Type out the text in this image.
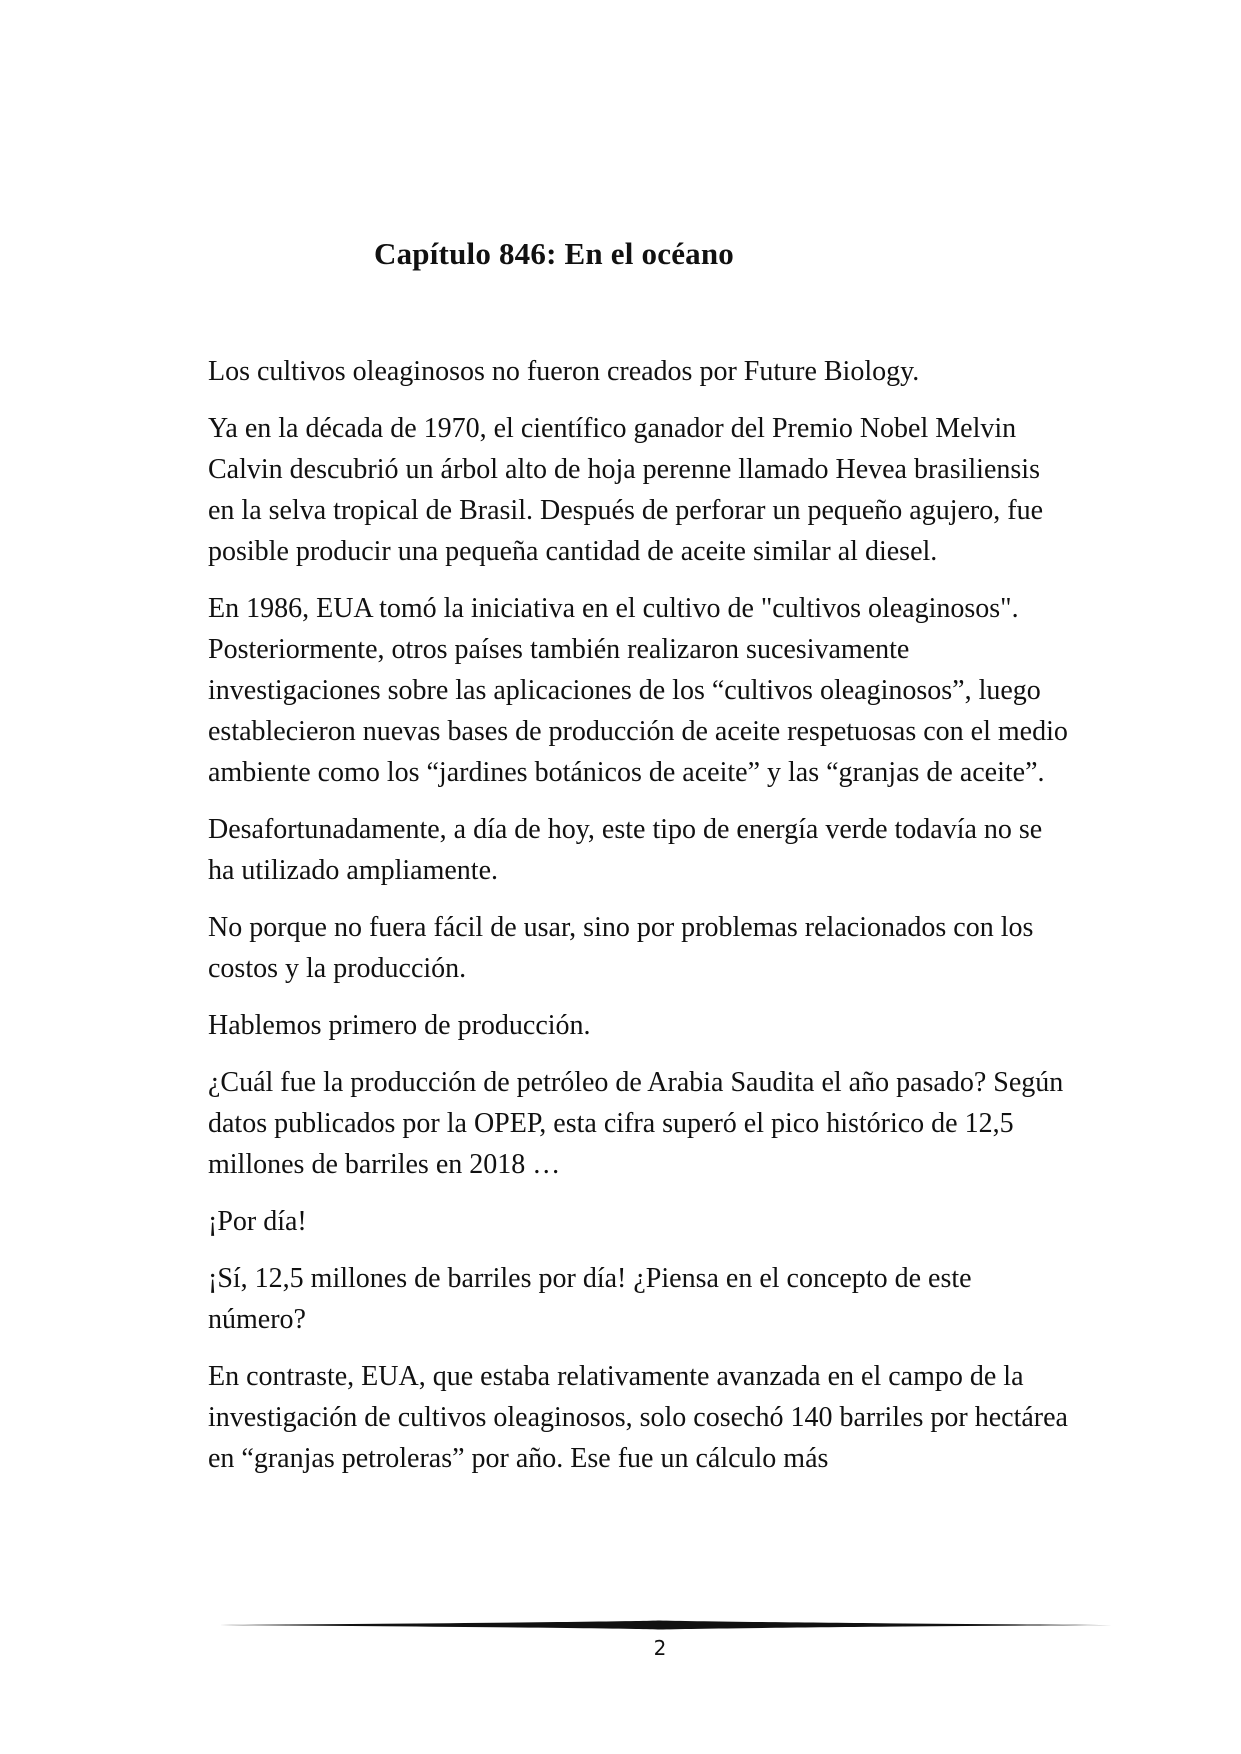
Capítulo 846: En el océano

Los cultivos oleaginosos no fueron creados por Future Biology.

Ya en la década de 1970, el científico ganador del Premio Nobel Melvin Calvin descubrió un árbol alto de hoja perenne llamado Hevea brasiliensis en la selva tropical de Brasil. Después de perforar un pequeño agujero, fue posible producir una pequeña cantidad de aceite similar al diesel.

En 1986, EUA tomó la iniciativa en el cultivo de "cultivos oleaginosos". Posteriormente, otros países también realizaron sucesivamente investigaciones sobre las aplicaciones de los “cultivos oleaginosos”, luego establecieron nuevas bases de producción de aceite respetuosas con el medio ambiente como los “jardines botánicos de aceite” y las “granjas de aceite”.

Desafortunadamente, a día de hoy, este tipo de energía verde todavía no se ha utilizado ampliamente.

No porque no fuera fácil de usar, sino por problemas relacionados con los costos y la producción.

Hablemos primero de producción.

¿Cuál fue la producción de petróleo de Arabia Saudita el año pasado? Según datos publicados por la OPEP, esta cifra superó el pico histórico de 12,5 millones de barriles en 2018 …

¡Por día!

¡Sí, 12,5 millones de barriles por día! ¿Piensa en el concepto de este número?

En contraste, EUA, que estaba relativamente avanzada en el campo de la investigación de cultivos oleaginosos, solo cosechó 140 barriles por hectárea en “granjas petroleras” por año. Ese fue un cálculo más

2
